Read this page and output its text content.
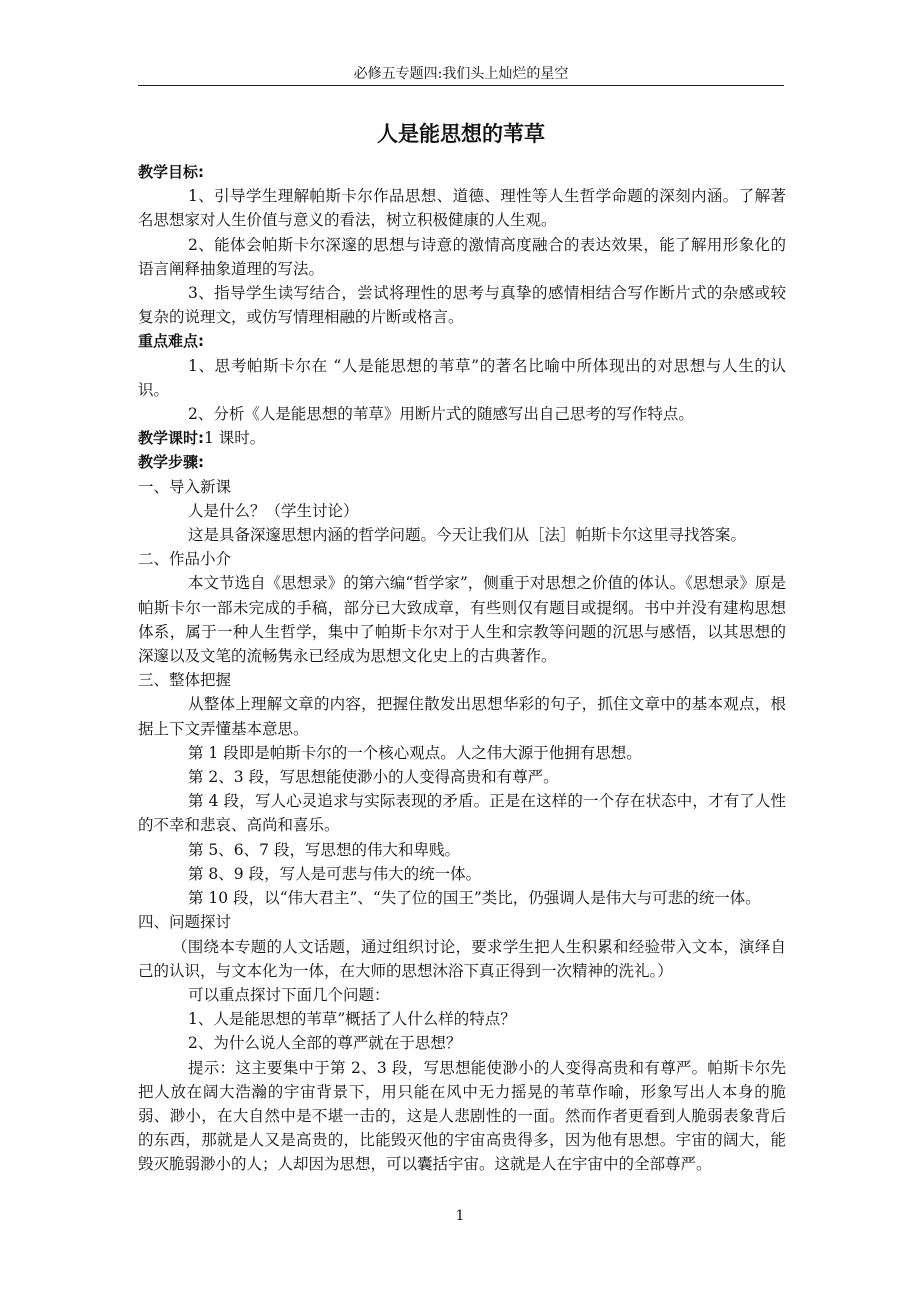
必修五专题四:我们头上灿烂的星空
人是能思想的苇草

教学目标:

1、引导学生理解帕斯卡尔作品思想、道德、理性等人生哲学命题的深刻内涵。了解著名思想家对人生价值与意义的看法，树立积极健康的人生观。

2、能体会帕斯卡尔深邃的思想与诗意的激情高度融合的表达效果，能了解用形象化的语言阐释抽象道理的写法。

3、指导学生读写结合，尝试将理性的思考与真挚的感情相结合写作断片式的杂感或较复杂的说理文，或仿写情理相融的片断或格言。

重点难点:

1、思考帕斯卡尔在 “人是能思想的苇草”的著名比喻中所体现出的对思想与人生的认识。

2、分析《人是能思想的苇草》用断片式的随感写出自己思考的写作特点。

教学课时:1 课时。

教学步骤:

一、导入新课

人是什么？（学生讨论）

这是具备深邃思想内涵的哲学问题。今天让我们从［法］帕斯卡尔这里寻找答案。

二、作品小介

本文节选自《思想录》的第六编“哲学家”，侧重于对思想之价值的体认。《思想录》原是帕斯卡尔一部未完成的手稿，部分已大致成章，有些则仅有题目或提纲。书中并没有建构思想体系，属于一种人生哲学，集中了帕斯卡尔对于人生和宗教等问题的沉思与感悟，以其思想的深邃以及文笔的流畅隽永已经成为思想文化史上的古典著作。

三、整体把握

从整体上理解文章的内容，把握住散发出思想华彩的句子，抓住文章中的基本观点，根据上下文弄懂基本意思。

第 1 段即是帕斯卡尔的一个核心观点。人之伟大源于他拥有思想。

第 2、3 段，写思想能使渺小的人变得高贵和有尊严。

第 4 段，写人心灵追求与实际表现的矛盾。正是在这样的一个存在状态中，才有了人性的不幸和悲哀、高尚和喜乐。

第 5、6、7 段，写思想的伟大和卑贱。

第 8、9 段，写人是可悲与伟大的统一体。

第 10 段，以“伟大君主”、“失了位的国王”类比，仍强调人是伟大与可悲的统一体。

四、问题探讨

（围绕本专题的人文话题，通过组织讨论，要求学生把人生积累和经验带入文本，演绎自己的认识，与文本化为一体，在大师的思想沐浴下真正得到一次精神的洗礼。）

可以重点探讨下面几个问题：

1、人是能思想的苇草”概括了人什么样的特点？

2、为什么说人全部的尊严就在于思想？

提示：这主要集中于第 2、3 段，写思想能使渺小的人变得高贵和有尊严。帕斯卡尔先把人放在阔大浩瀚的宇宙背景下，用只能在风中无力摇晃的苇草作喻，形象写出人本身的脆弱、渺小，在大自然中是不堪一击的，这是人悲剧性的一面。然而作者更看到人脆弱表象背后的东西，那就是人又是高贵的，比能毁灭他的宇宙高贵得多，因为他有思想。宇宙的阔大，能毁灭脆弱渺小的人；人却因为思想，可以囊括宇宙。这就是人在宇宙中的全部尊严。

1
